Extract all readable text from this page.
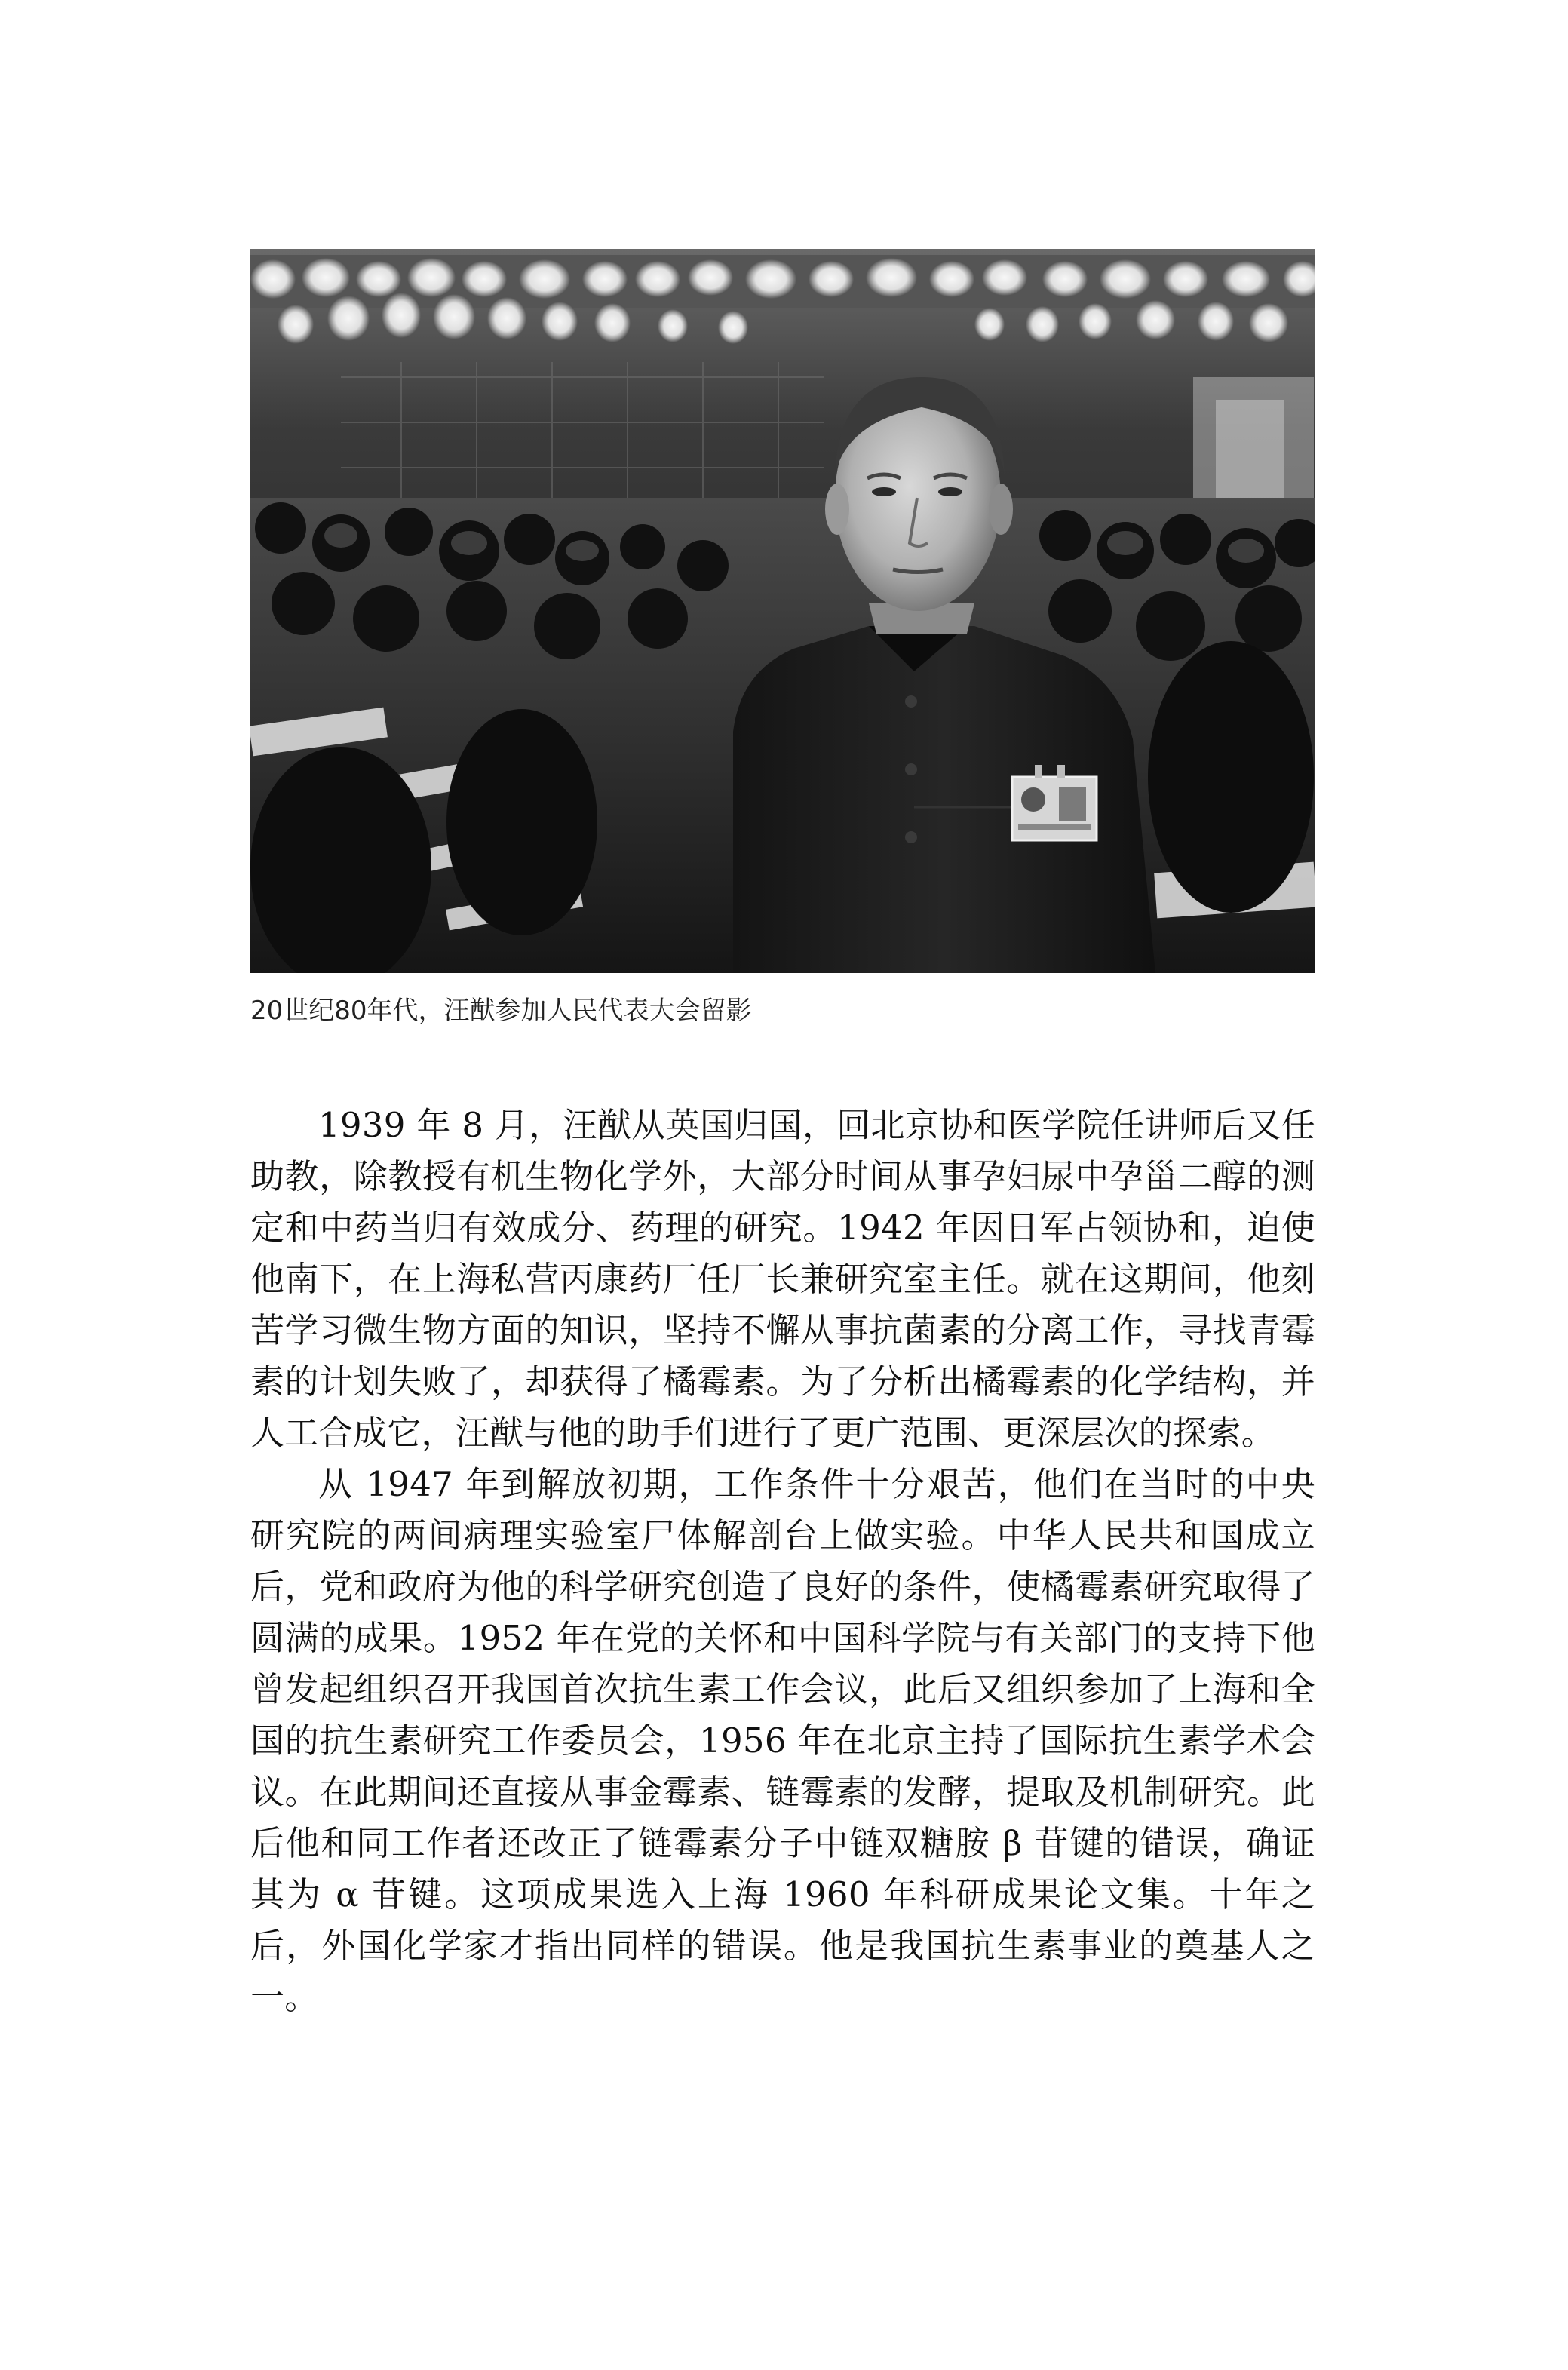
20世纪80年代，汪猷参加人民代表大会留影

1939 年 8 月，汪猷从英国归国，回北京协和医学院任讲师后又任助教，除教授有机生物化学外，大部分时间从事孕妇尿中孕甾二醇的测定和中药当归有效成分、药理的研究。1942 年因日军占领协和，迫使他南下，在上海私营丙康药厂任厂长兼研究室主任。就在这期间，他刻苦学习微生物方面的知识，坚持不懈从事抗菌素的分离工作，寻找青霉素的计划失败了，却获得了橘霉素。为了分析出橘霉素的化学结构，并人工合成它，汪猷与他的助手们进行了更广范围、更深层次的探索。

从 1947 年到解放初期，工作条件十分艰苦，他们在当时的中央研究院的两间病理实验室尸体解剖台上做实验。中华人民共和国成立后，党和政府为他的科学研究创造了良好的条件，使橘霉素研究取得了圆满的成果。1952 年在党的关怀和中国科学院与有关部门的支持下他曾发起组织召开我国首次抗生素工作会议，此后又组织参加了上海和全国的抗生素研究工作委员会，1956 年在北京主持了国际抗生素学术会议。在此期间还直接从事金霉素、链霉素的发酵，提取及机制研究。此后他和同工作者还改正了链霉素分子中链双糖胺 β 苷键的错误，确证其为 α 苷键。这项成果选入上海 1960 年科研成果论文集。十年之后，外国化学家才指出同样的错误。他是我国抗生素事业的奠基人之一。
